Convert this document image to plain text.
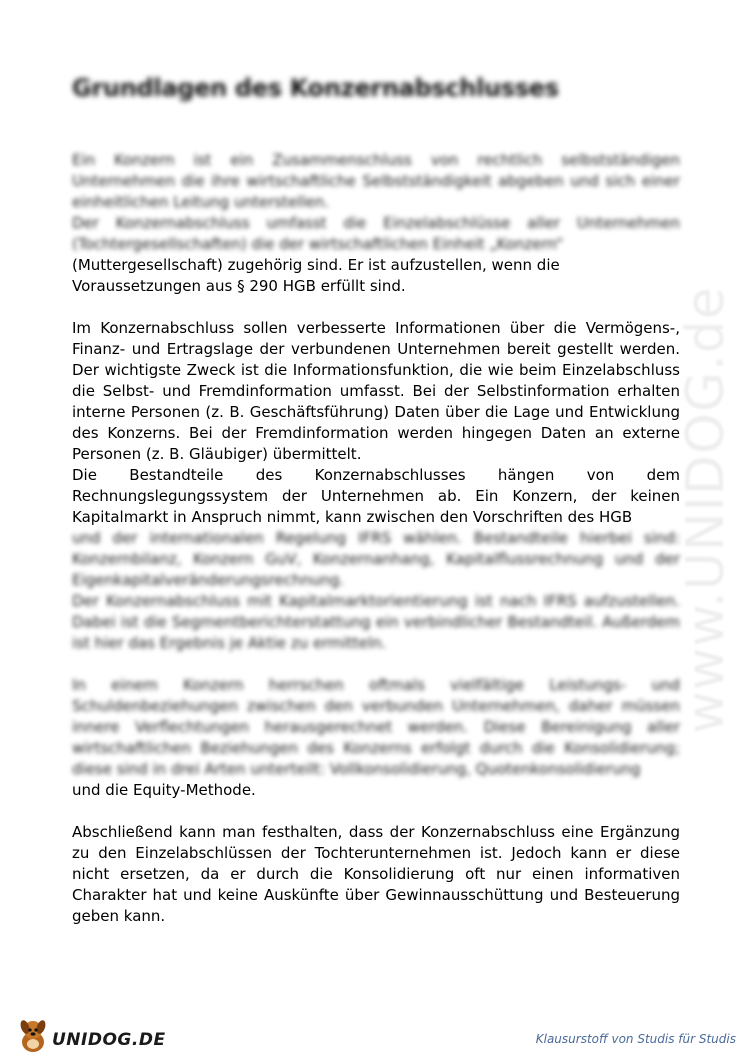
Grundlagen des Konzernabschlusses
www.UNIDOG.de

Ein Konzern ist ein Zusammenschluss von rechtlich selbstständigen Unternehmen die ihre wirtschaftliche Selbstständigkeit abgeben und sich einer einheitlichen Leitung unterstellen.

Der Konzernabschluss umfasst die Einzelabschlüsse aller Unternehmen (Tochtergesellschaften) die der wirtschaftlichen Einheit „Konzern“

(Muttergesellschaft) zugehörig sind. Er ist aufzustellen, wenn die

Voraussetzungen aus § 290 HGB erfüllt sind.

Im Konzernabschluss sollen verbesserte Informationen über die Vermögens-, Finanz- und Ertragslage der verbundenen Unternehmen bereit gestellt werden. Der wichtigste Zweck ist die Informationsfunktion, die wie beim Einzelabschluss die Selbst- und Fremdinformation umfasst. Bei der Selbstinformation erhalten interne Personen (z. B. Geschäftsführung) Daten über die Lage und Entwicklung des Konzerns. Bei der Fremdinformation werden hingegen Daten an externe Personen (z. B. Gläubiger) übermittelt.

Die Bestandteile des Konzernabschlusses hängen von dem Rechnungslegungssystem der Unternehmen ab. Ein Konzern, der keinen Kapitalmarkt in Anspruch nimmt, kann zwischen den Vorschriften des HGB

und der internationalen Regelung IFRS wählen. Bestandteile hierbei sind: Konzernbilanz, Konzern GuV, Konzernanhang, Kapitalflussrechnung und der Eigenkapitalveränderungsrechnung.

Der Konzernabschluss mit Kapitalmarktorientierung ist nach IFRS aufzustellen. Dabei ist die Segmentberichterstattung ein verbindlicher Bestandteil. Außerdem ist hier das Ergebnis je Aktie zu ermitteln.

In einem Konzern herrschen oftmals vielfältige Leistungs- und Schuldenbeziehungen zwischen den verbunden Unternehmen, daher müssen innere Verflechtungen herausgerechnet werden. Diese Bereinigung aller wirtschaftlichen Beziehungen des Konzerns erfolgt durch die Konsolidierung; diese sind in drei Arten unterteilt: Vollkonsolidierung, Quotenkonsolidierung

und die Equity-Methode.

Abschließend kann man festhalten, dass der Konzernabschluss eine Ergänzung zu den Einzelabschlüssen der Tochterunternehmen ist. Jedoch kann er diese nicht ersetzen, da er durch die Konsolidierung oft nur einen informativen Charakter hat und keine Auskünfte über Gewinnausschüttung und Besteuerung geben kann.

UNIDOG.DE	Klausurstoff von Studis für Studis
